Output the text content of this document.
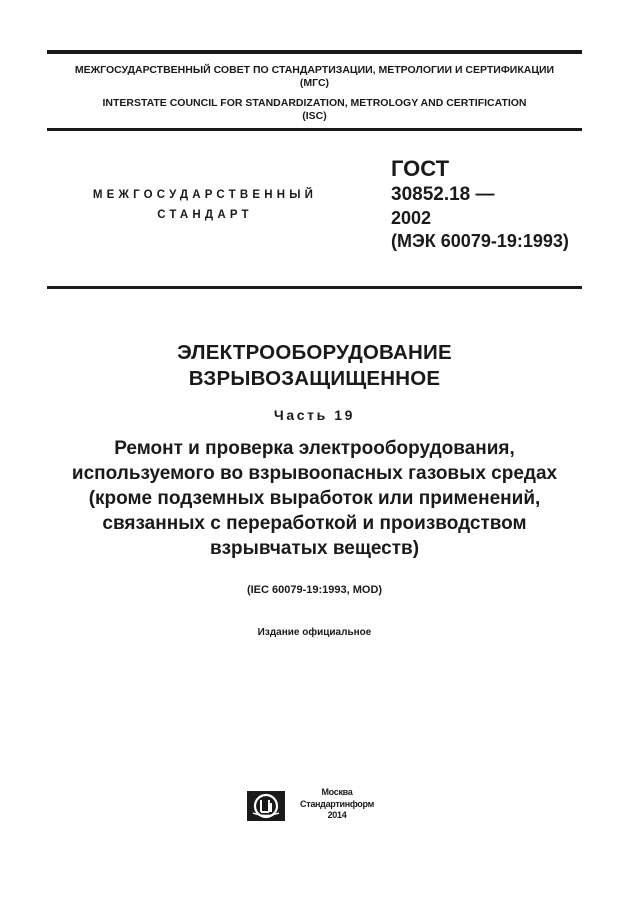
МЕЖГОСУДАРСТВЕННЫЙ СОВЕТ ПО СТАНДАРТИЗАЦИИ, МЕТРОЛОГИИ И СЕРТИФИКАЦИИ
(МГС)
INTERSTATE COUNCIL FOR STANDARDIZATION, METROLOGY AND CERTIFICATION
(ISC)
МЕЖГОСУДАРСТВЕННЫЙ
СТАНДАРТ
ГОСТ
30852.18 —
2002
(МЭК 60079-19:1993)
ЭЛЕКТРООБОРУДОВАНИЕ
ВЗРЫВОЗАЩИЩЕННОЕ
Часть 19
Ремонт и проверка электрооборудования,
используемого во взрывоопасных газовых средах
(кроме подземных выработок или применений,
связанных с переработкой и производством
взрывчатых веществ)
(IEC 60079-19:1993, MOD)
Издание официальное
Москва
Стандартинформ
2014
